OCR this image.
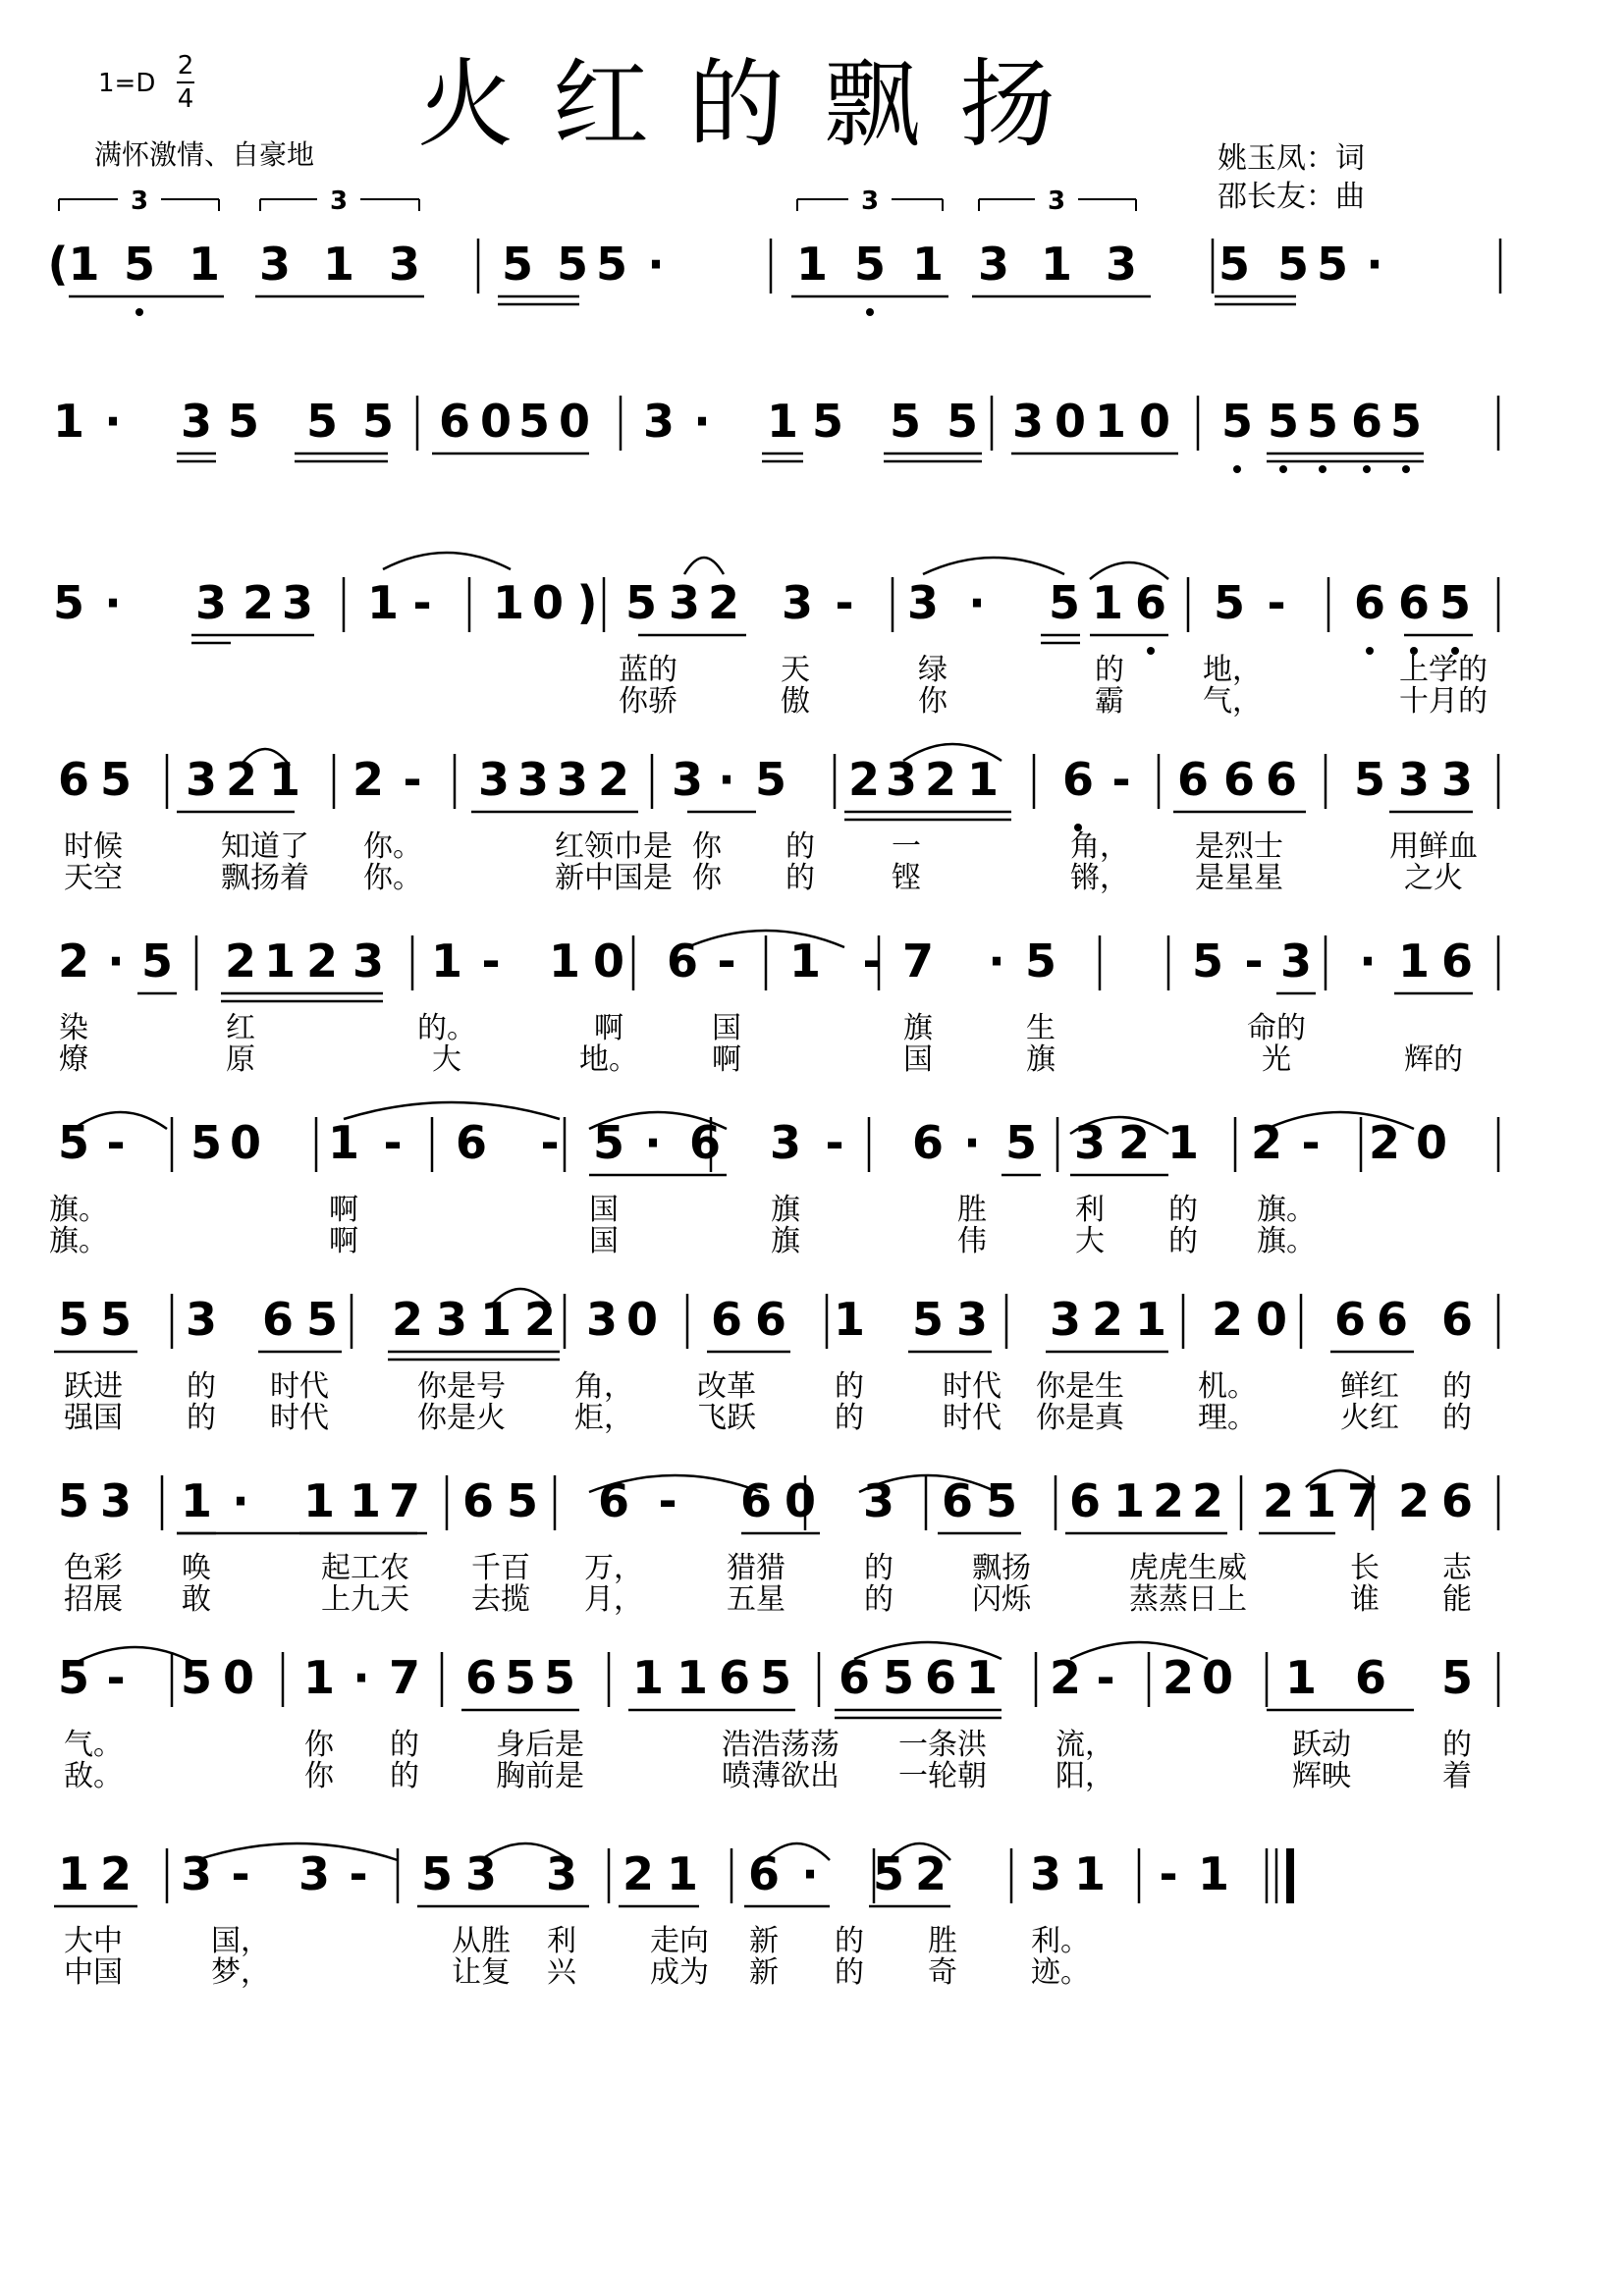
1=D
2
4 火红的飘扬
满怀激情、自豪地	姚玉凤：词
邵长友：曲
(1 5 1 3 1 3 5 5 5 ·	1 5 1 3 1 3 5 5 5 ·
3	3	3	3
1 · 3 5 5 5 6 0 5 0 3 · 1 5 5 5 3 0 1 0 5 5 5 6 5
5 · 3 2 3 1 - 1 0 ) 5 3 2 3 - 3 · 5 1 6 5 - 6 6 5
蓝的	天	绿	的	地，	上学的
你骄	傲	你	霸	气，	十月的
6 5 3 2 1 2 - 3 3 3 2 3 · 5 2 3 2 1 6 - 6 6 6 5 3 3
时候	知道了 你。	红领巾是 你 的	一	角， 是烈士	用鲜血
天空	飘扬着 你。	新中国是 你 的	铿	锵， 是星星	之火
2 · 5 2 1 2 3 1 - 1 0 6 - 1 - 7 · 5	5 - 3 · 1 6
染	红	的。	啊	国	旗	生	命的
燎	原	大	地。	啊	国	旗	光	辉的
5 - 5 0 1 - 6 - 5 · 6 3 - 6 · 5 3 2 1 2 - 2 0
旗。	啊	国	旗	胜	利 的 旗。
旗。	啊	国	旗	伟	大 的 旗。
5 5 3 6 5 2 3 1 2 3 0 6 6 1 5 3 3 2 1 2 0 6 6 6
跃进 的 时代	你是号 角， 改革	的	时代 你是生	机。	鲜红 的
强国 的 时代	你是火 炬， 飞跃	的	时代 你是真	理。	火红 的
5 3 1 · 1 1 7 6 5 6 - 6 0 3 6 5 6 1 2 2 2 1 7 2 6
色彩 唤	起工农 千百 万，	猎猎	的	飘扬	虎虎生威	长 志
招展 敢	上九天 去揽 月，	五星	的	闪烁	蒸蒸日上	谁 能
5 - 5 0 1 · 7 6 5 5 1 1 6 5 6 5 6 1 2 - 2 0 1 6 5
气。	你 的	身后是	浩浩荡荡 一条洪 流，	跃动	的
敌。	你 的	胸前是	喷薄欲出 一轮朝 阳，	辉映	着
1 2 3 - 3 - 5 3 3 2 1 6 · 5 2 3 1 - 1
大中	国，	从胜 利	走向 新 的 胜	利。
中国	梦，	让复 兴	成为 新 的 奇	迹。
